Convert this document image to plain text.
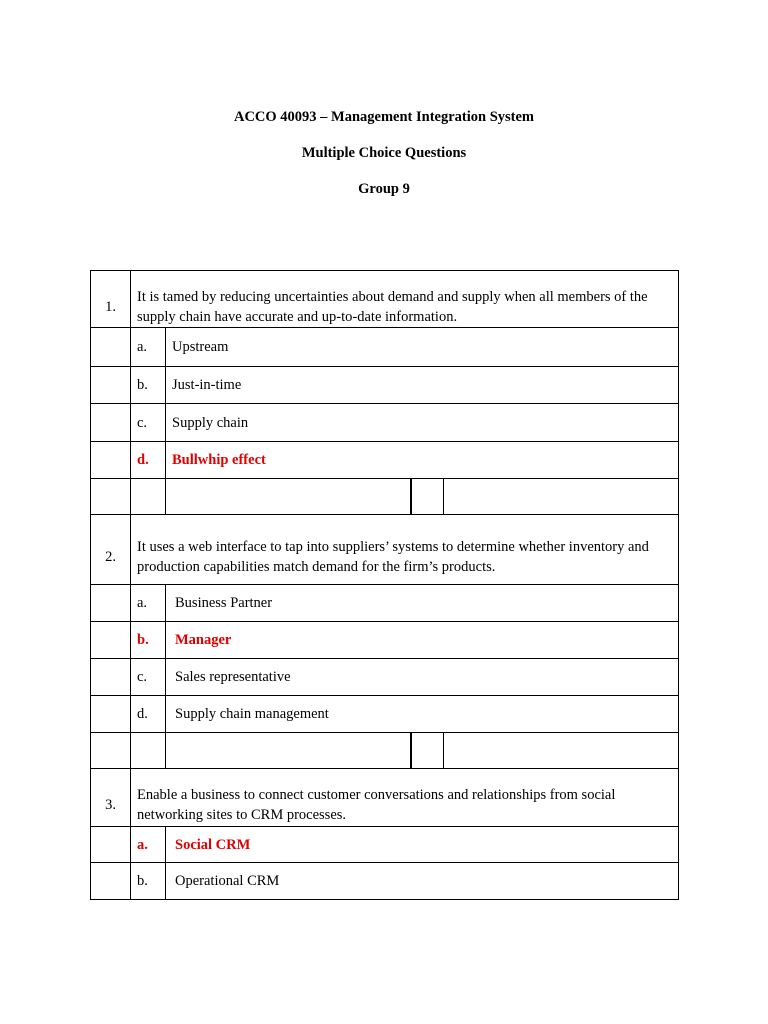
ACCO 40093 – Management Integration System
Multiple Choice Questions
Group 9
1.	It is tamed by reducing uncertainties about demand and supply when all members of the supply chain have accurate and up-to-date information.	
	a.	Upstream
	b.	Just-in-time
	c.	Supply chain
	d.	Bullwhip effect

2.	It uses a web interface to tap into suppliers’ systems to determine whether inventory and production capabilities match demand for the firm’s products.	
	a.	Business Partner
	b.	Manager
	c.	Sales representative
	d.	Supply chain management

3.	Enable a business to connect customer conversations and relationships from social networking sites to CRM processes.	
	a.	Social CRM
	b.	Operational CRM
